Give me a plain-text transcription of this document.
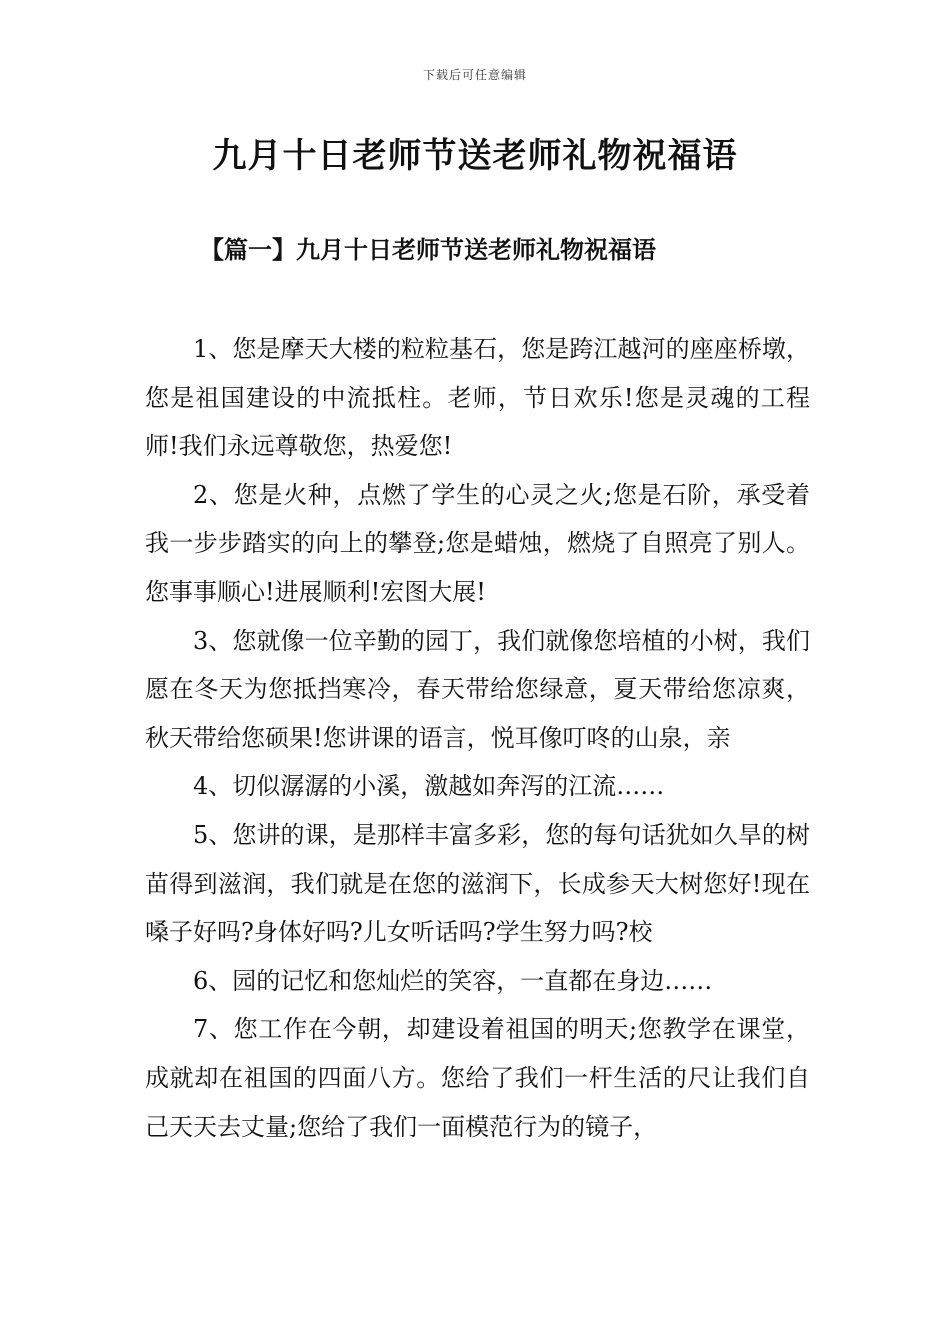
下载后可任意编辑
九月十日老师节送老师礼物祝福语
【篇一】九月十日老师节送老师礼物祝福语

1、您是摩天大楼的粒粒基石，您是跨江越河的座座桥墩，您是祖国建设的中流抵柱。老师，节日欢乐!您是灵魂的工程师!我们永远尊敬您，热爱您!

2、您是火种，点燃了学生的心灵之火;您是石阶，承受着我一步步踏实的向上的攀登;您是蜡烛，燃烧了自照亮了别人。您事事顺心!进展顺利!宏图大展!

3、您就像一位辛勤的园丁，我们就像您培植的小树，我们愿在冬天为您抵挡寒冷，春天带给您绿意，夏天带给您凉爽，秋天带给您硕果!您讲课的语言，悦耳像叮咚的山泉，亲

4、切似潺潺的小溪，激越如奔泻的江流……

5、您讲的课，是那样丰富多彩，您的每句话犹如久旱的树苗得到滋润，我们就是在您的滋润下，长成参天大树您好!现在嗓子好吗?身体好吗?儿女听话吗?学生努力吗?校

6、园的记忆和您灿烂的笑容，一直都在身边……

7、您工作在今朝，却建设着祖国的明天;您教学在课堂，成就却在祖国的四面八方。您给了我们一杆生活的尺让我们自己天天去丈量;您给了我们一面模范行为的镜子，
